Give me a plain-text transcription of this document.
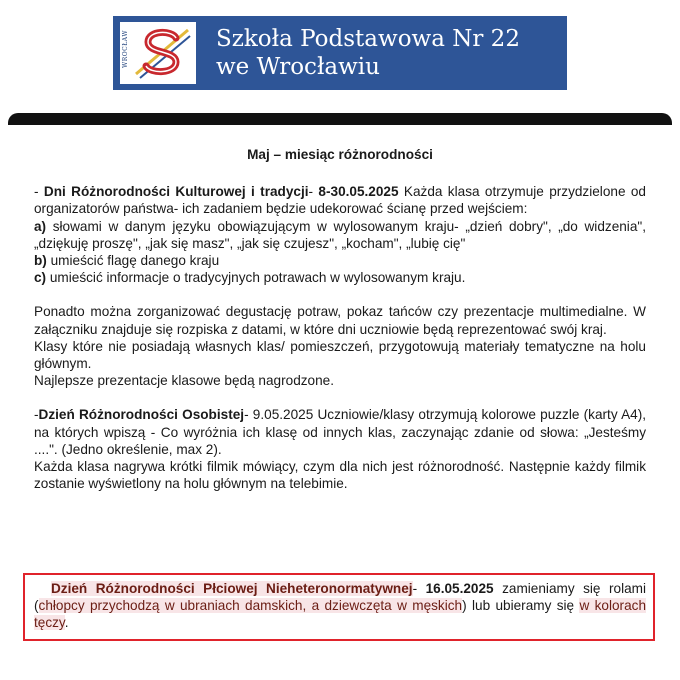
WROCŁAW	Szkoła Podstawowa Nr 22
we Wrocławiu
Maj – miesiąc różnorodności
- Dni Różnorodności Kulturowej i tradycji- 8-30.05.2025 Każda klasa otrzymuje przydzielone od organizatorów państwa- ich zadaniem będzie udekorować ścianę przed wejściem:
a) słowami w danym języku obowiązującym w wylosowanym kraju- „dzień dobry", „do widzenia", „dziękuję proszę", „jak się masz", „jak się czujesz", „kocham", „lubię cię"
b) umieścić flagę danego kraju
c) umieścić informacje o tradycyjnych potrawach w wylosowanym kraju.
Ponadto można zorganizować degustację potraw, pokaz tańców czy prezentacje multimedialne. W załączniku znajduje się rozpiska z datami, w które dni uczniowie będą reprezentować swój kraj.
Klasy które nie posiadają własnych klas/ pomieszczeń, przygotowują materiały tematyczne na holu głównym.
Najlepsze prezentacje klasowe będą nagrodzone.
-Dzień Różnorodności Osobistej- 9.05.2025 Uczniowie/klasy otrzymują kolorowe puzzle (karty A4), na których wpiszą - Co wyróżnia ich klasę od innych klas, zaczynając zdanie od słowa: „Jesteśmy ....". (Jedno określenie, max 2).
Każda klasa nagrywa krótki filmik mówiący, czym dla nich jest różnorodność. Następnie każdy filmik zostanie wyświetlony na holu głównym na telebimie.
Dzień Różnorodności Płciowej Nieheteronormatywnej- 16.05.2025 zamieniamy się rolami (chłopcy przychodzą w ubraniach damskich, a dziewczęta w męskich) lub ubieramy się w kolorach tęczy.
